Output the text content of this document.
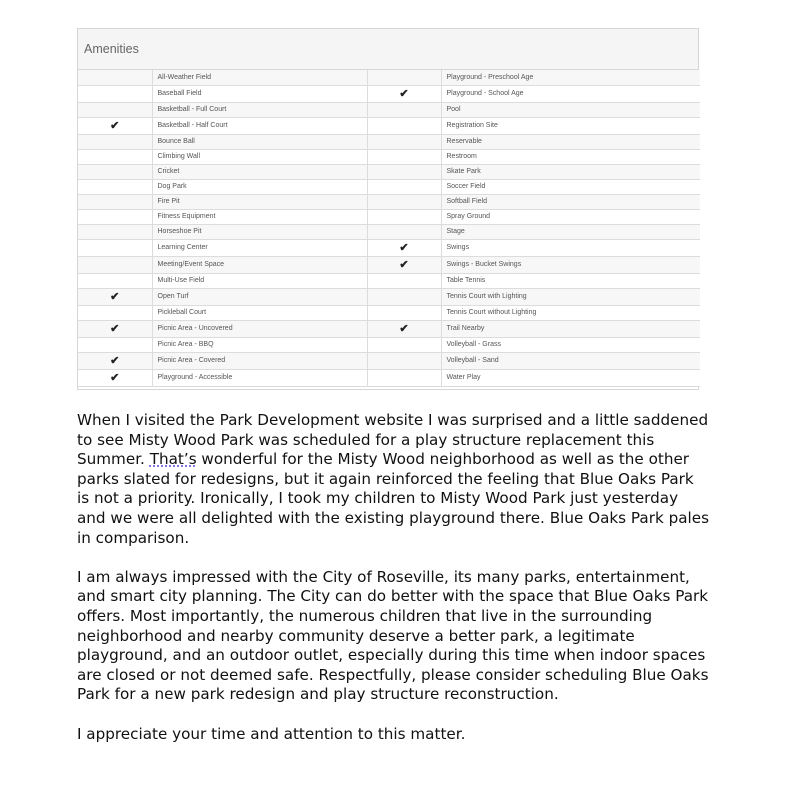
Amenities
	All-Weather Field		Playground - Preschool Age
	Baseball Field	✔	Playground - School Age
	Basketball - Full Court		Pool
✔	Basketball - Half Court		Registration Site
	Bounce Ball		Reservable
	Climbing Wall		Restroom
	Cricket		Skate Park
	Dog Park		Soccer Field
	Fire Pit		Softball Field
	Fitness Equipment		Spray Ground
	Horseshoe Pit		Stage
	Learning Center	✔	Swings
	Meeting/Event Space	✔	Swings - Bucket Swings
	Multi-Use Field		Table Tennis
✔	Open Turf		Tennis Court with Lighting
	Pickleball Court		Tennis Court without Lighting
✔	Picnic Area - Uncovered	✔	Trail Nearby
	Picnic Area - BBQ		Volleyball - Grass
✔	Picnic Area - Covered		Volleyball - Sand
✔	Playground - Accessible		Water Play

When I visited the Park Development website I was surprised and a little saddened to see Misty Wood Park was scheduled for a play structure replacement this Summer. That’s wonderful for the Misty Wood neighborhood as well as the other parks slated for redesigns, but it again reinforced the feeling that Blue Oaks Park is not a priority. Ironically, I took my children to Misty Wood Park just yesterday and we were all delighted with the existing playground there. Blue Oaks Park pales in comparison.

I am always impressed with the City of Roseville, its many parks, entertainment, and smart city planning. The City can do better with the space that Blue Oaks Park offers. Most importantly, the numerous children that live in the surrounding neighborhood and nearby community deserve a better park, a legitimate playground, and an outdoor outlet, especially during this time when indoor spaces are closed or not deemed safe. Respectfully, please consider scheduling Blue Oaks Park for a new park redesign and play structure reconstruction.

I appreciate your time and attention to this matter.
